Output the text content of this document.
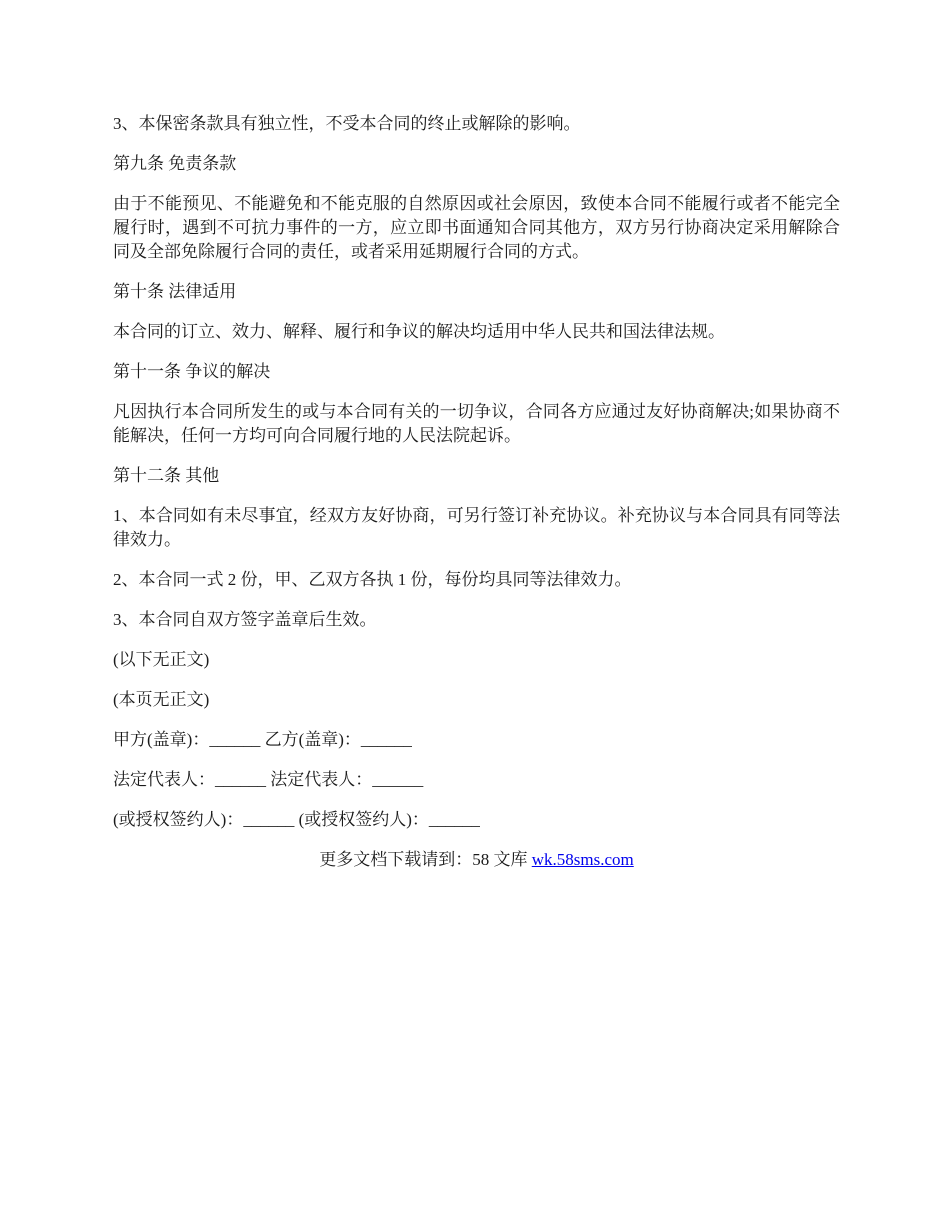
3、本保密条款具有独立性，不受本合同的终止或解除的影响。

第九条 免责条款

由于不能预见、不能避免和不能克服的自然原因或社会原因，致使本合同不能履行或者不能完全履行时，遇到不可抗力事件的一方，应立即书面通知合同其他方，双方另行协商决定采用解除合同及全部免除履行合同的责任，或者采用延期履行合同的方式。

第十条 法律适用

本合同的订立、效力、解释、履行和争议的解决均适用中华人民共和国法律法规。

第十一条 争议的解决

凡因执行本合同所发生的或与本合同有关的一切争议，合同各方应通过友好协商解决;如果协商不能解决，任何一方均可向合同履行地的人民法院起诉。

第十二条 其他

1、本合同如有未尽事宜，经双方友好协商，可另行签订补充协议。补充协议与本合同具有同等法律效力。

2、本合同一式 2 份，甲、乙双方各执 1 份，每份均具同等法律效力。

3、本合同自双方签字盖章后生效。

(以下无正文)

(本页无正文)

甲方(盖章)：______ 乙方(盖章)：______

法定代表人：______ 法定代表人：______

(或授权签约人)：______ (或授权签约人)：______

更多文档下载请到：58 文库 wk.58sms.com
